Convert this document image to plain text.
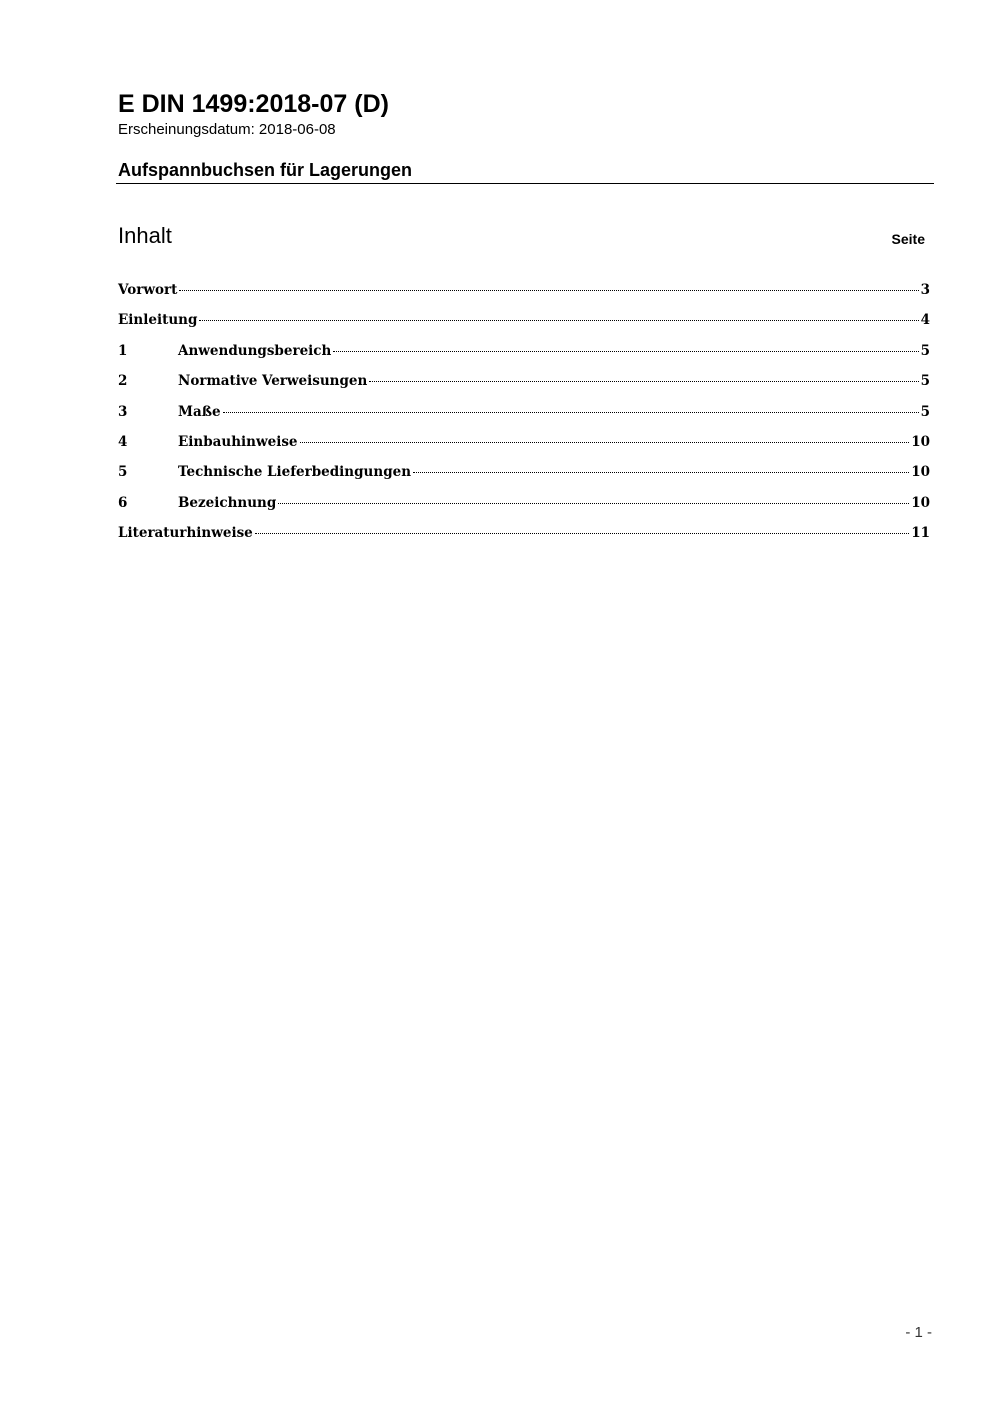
E DIN 1499:2018-07 (D)
Erscheinungsdatum: 2018-06-08
Aufspannbuchsen für Lagerungen
Inhalt	Seite
Vorwort	3
Einleitung	4
1	Anwendungsbereich	5
2	Normative Verweisungen	5
3	Maße	5
4	Einbauhinweise	10
5	Technische Lieferbedingungen	10
6	Bezeichnung	10
Literaturhinweise	11
- 1 -
